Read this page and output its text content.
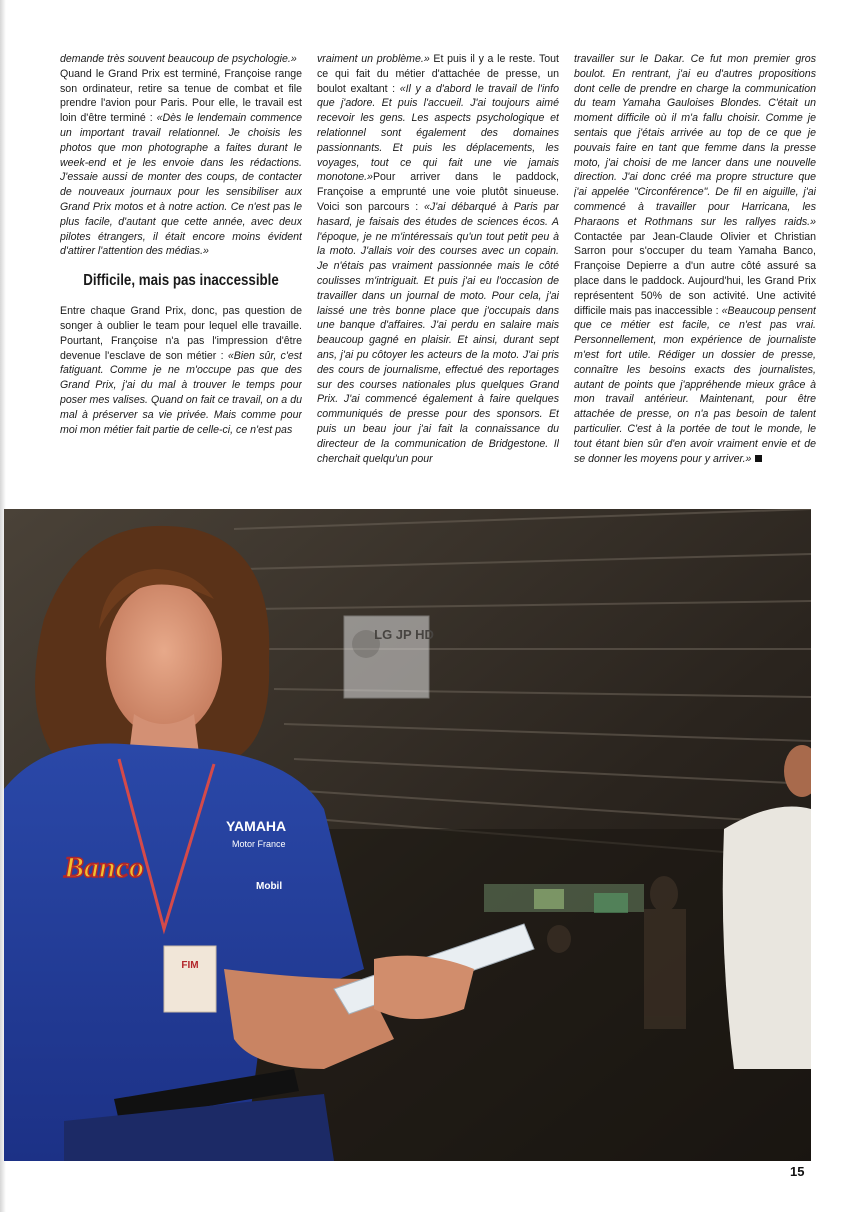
demande très souvent beaucoup de psychologie.»

Quand le Grand Prix est terminé, Françoise range son ordinateur, retire sa tenue de combat et file prendre l'avion pour Paris. Pour elle, le travail est loin d'être terminé : «Dès le lendemain commence un important travail relationnel. Je choisis les photos que mon photographe a faites durant le week-end et je les envoie dans les rédactions. J'essaie aussi de monter des coups, de contacter de nouveaux journaux pour les sensibiliser aux Grand Prix motos et à notre action. Ce n'est pas le plus facile, d'autant que cette année, avec deux pilotes étrangers, il était encore moins évident d'attirer l'attention des médias.»

Difficile, mais pas inaccessible

Entre chaque Grand Prix, donc, pas question de songer à oublier le team pour lequel elle travaille. Pourtant, Françoise n'a pas l'impression d'être devenue l'esclave de son métier : «Bien sûr, c'est fatiguant. Comme je ne m'occupe pas que des Grand Prix, j'ai du mal à trouver le temps pour poser mes valises. Quand on fait ce travail, on a du mal à préserver sa vie privée. Mais comme pour moi mon métier fait partie de celle-ci, ce n'est pas

vraiment un problème.» Et puis il y a le reste. Tout ce qui fait du métier d'attachée de presse, un boulot exaltant : «Il y a d'abord le travail de l'info que j'adore. Et puis l'accueil. J'ai toujours aimé recevoir les gens. Les aspects psychologique et relationnel sont également des domaines passionnants. Et puis les déplacements, les voyages, tout ce qui fait une vie jamais monotone.»Pour arriver dans le paddock, Françoise a emprunté une voie plutôt sinueuse. Voici son parcours : «J'ai débarqué à Paris par hasard, je faisais des études de sciences écos. A l'époque, je ne m'intéressais qu'un tout petit peu à la moto. J'allais voir des courses avec un copain. Je n'étais pas vraiment passionnée mais le côté coulisses m'intriguait. Et puis j'ai eu l'occasion de travailler dans un journal de moto. Pour cela, j'ai laissé une très bonne place que j'occupais dans une banque d'affaires. J'ai perdu en salaire mais beaucoup gagné en plaisir. Et ainsi, durant sept ans, j'ai pu côtoyer les acteurs de la moto. J'ai pris des cours de journalisme, effectué des reportages sur des courses nationales plus quelques Grand Prix. J'ai commencé également à faire quelques communiqués de presse pour des sponsors. Et puis un beau jour j'ai fait la connaissance du directeur de la communication de Bridgestone. Il cherchait quelqu'un pour

travailler sur le Dakar. Ce fut mon premier gros boulot. En rentrant, j'ai eu d'autres propositions dont celle de prendre en charge la communication du team Yamaha Gauloises Blondes. C'était un moment difficile où il m'a fallu choisir. Comme je sentais que j'étais arrivée au top de ce que je pouvais faire en tant que femme dans la presse moto, j'ai choisi de me lancer dans une nouvelle direction. J'ai donc créé ma propre structure que j'ai appelée "Circonférence". De fil en aiguille, j'ai commencé à travailler pour Harricana, les Pharaons et Rothmans sur les rallyes raids.» Contactée par Jean-Claude Olivier et Christian Sarron pour s'occuper du team Yamaha Banco, Françoise Depierre a d'un autre côté assuré sa place dans le paddock. Aujourd'hui, les Grand Prix représentent 50% de son activité. Une activité difficile mais pas inaccessible : «Beaucoup pensent que ce métier est facile, ce n'est pas vrai. Personnellement, mon expérience de journaliste m'est fort utile. Rédiger un dossier de presse, connaître les besoins exacts des journalistes, autant de points que j'appréhende mieux grâce à mon travail antérieur. Maintenant, pour être attachée de presse, on n'a pas besoin de talent particulier. C'est à la portée de tout le monde, le tout étant bien sûr d'en avoir vraiment envie et de se donner les moyens pour y arriver.»

FIM
Banco
YAMAHA
Motor France
Mobil
LG JP HD
15
